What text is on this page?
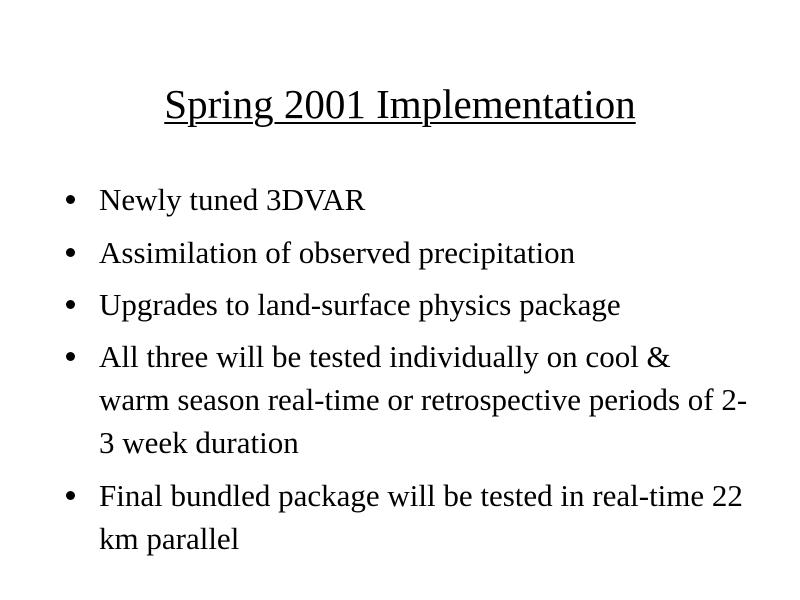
Spring 2001 Implementation
Newly tuned 3DVAR
Assimilation of observed precipitation
Upgrades to land-surface physics package
All three will be tested individually on cool & warm season real-time or retrospective periods of 2-3 week duration
Final bundled package will be tested in real-time 22 km parallel
